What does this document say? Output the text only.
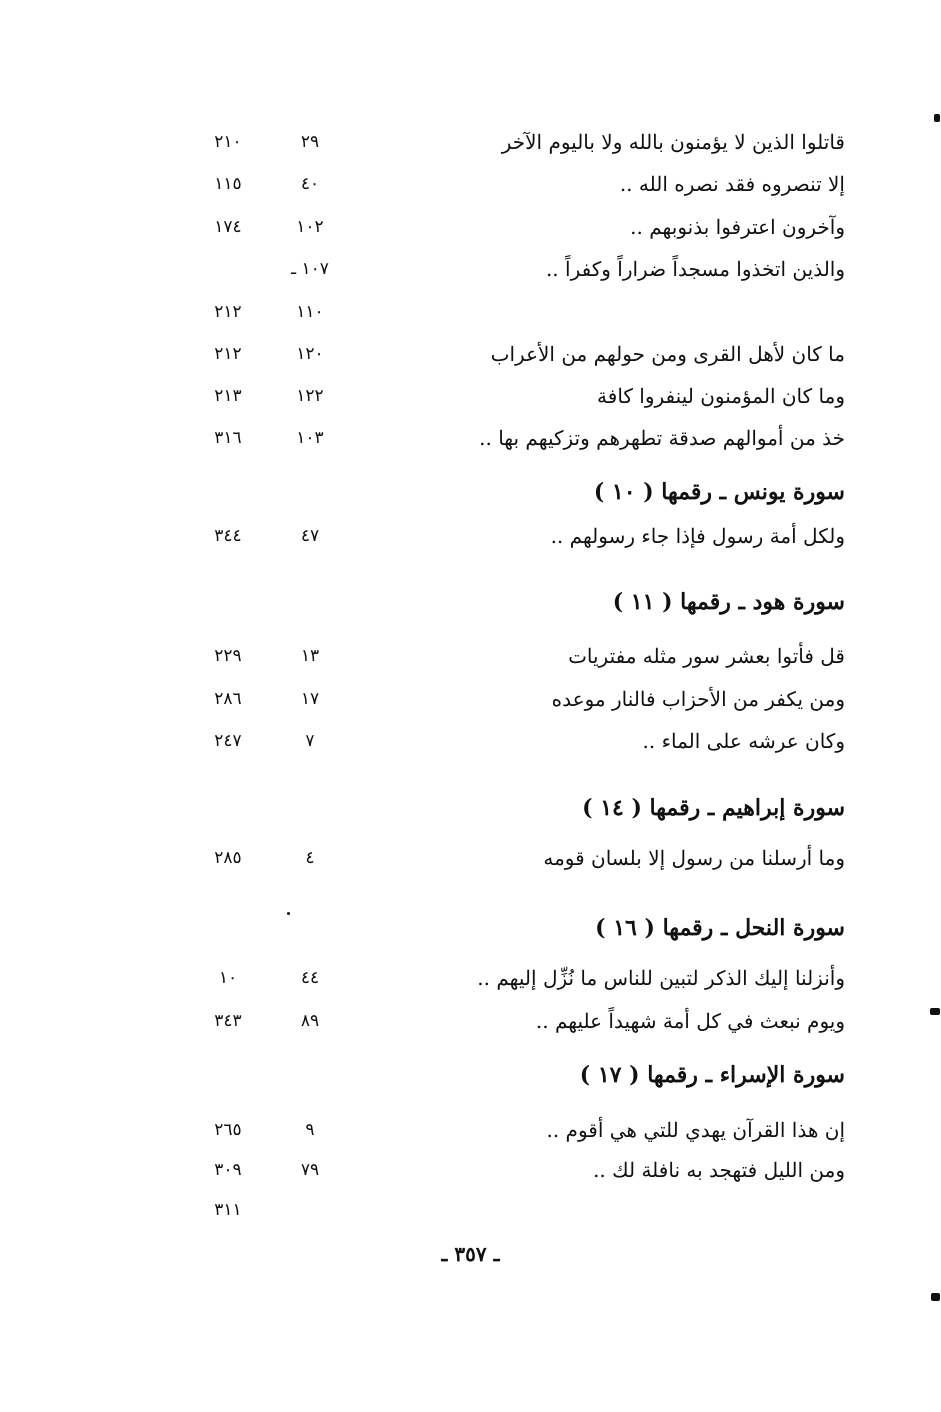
قاتلوا الذين لا يؤمنون بالله ولا باليوم الآخر
٢٩
٢١٠
إلا تنصروه فقد نصره الله ..
٤٠
١١٥
وآخرون اعترفوا بذنوبهم ..
١٠٢
١٧٤
والذين اتخذوا مسجداً ضراراً وكفراً ..
١٠٧ ـ
١١٠
٢١٢
ما كان لأهل القرى ومن حولهم من الأعراب
١٢٠
٢١٢
وما كان المؤمنون لينفروا كافة
١٢٢
٢١٣
خذ من أموالهم صدقة تطهرهم وتزكيهم بها ..
١٠٣
٣١٦
سورة يونس ـ رقمها ( ١٠ )
ولكل أمة رسول فإذا جاء رسولهم ..
٤٧
٣٤٤
سورة هود ـ رقمها ( ١١ )
قل فأتوا بعشر سور مثله مفتريات
١٣
٢٢٩
ومن يكفر من الأحزاب فالنار موعده
١٧
٢٨٦
وكان عرشه على الماء ..
٧
٢٤٧
سورة إبراهيم ـ رقمها ( ١٤ )
وما أرسلنا من رسول إلا بلسان قومه
٤
٢٨٥
سورة النحل ـ رقمها ( ١٦ )
وأنزلنا إليك الذكر لتبين للناس ما نُزِّل إليهم ..
٤٤
١٠
ويوم نبعث في كل أمة شهيداً عليهم ..
٨٩
٣٤٣
سورة الإسراء ـ رقمها ( ١٧ )
إن هذا القرآن يهدي للتي هي أقوم ..
٩
٢٦٥
ومن الليل فتهجد به نافلة لك ..
٧٩
٣٠٩
٣١١
ـ ٣٥٧ ـ
